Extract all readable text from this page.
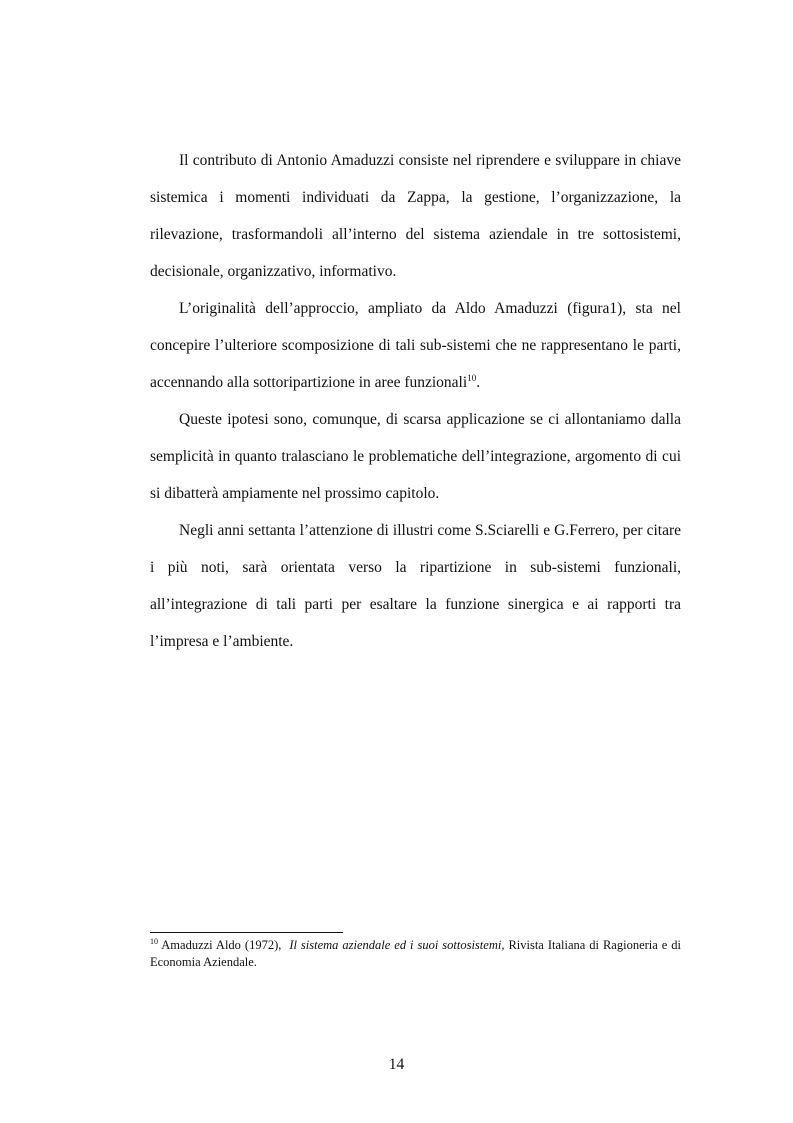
Il contributo di Antonio Amaduzzi consiste nel riprendere e sviluppare in chiave sistemica i momenti individuati da Zappa, la gestione, l’organizzazione, la rilevazione, trasformandoli all’interno del sistema aziendale in tre sottosistemi, decisionale, organizzativo, informativo.

L’originalità dell’approccio, ampliato da Aldo Amaduzzi (figura1), sta nel concepire l’ulteriore scomposizione di tali sub-sistemi che ne rappresentano le parti, accennando alla sottoripartizione in aree funzionali$^{10}$.

Queste ipotesi sono, comunque, di scarsa applicazione se ci allontaniamo dalla semplicità in quanto tralasciano le problematiche dell’integrazione, argomento di cui si dibatterà ampiamente nel prossimo capitolo.

Negli anni settanta l’attenzione di illustri come S.Sciarelli e G.Ferrero, per citare i più noti, sarà orientata verso la ripartizione in sub-sistemi funzionali, all’integrazione di tali parti per esaltare la funzione sinergica e ai rapporti tra l’impresa e l’ambiente.

$^{10}$ Amaduzzi Aldo (1972), Il sistema aziendale ed i suoi sottosistemi, Rivista Italiana di Ragioneria e di Economia Aziendale.

14
